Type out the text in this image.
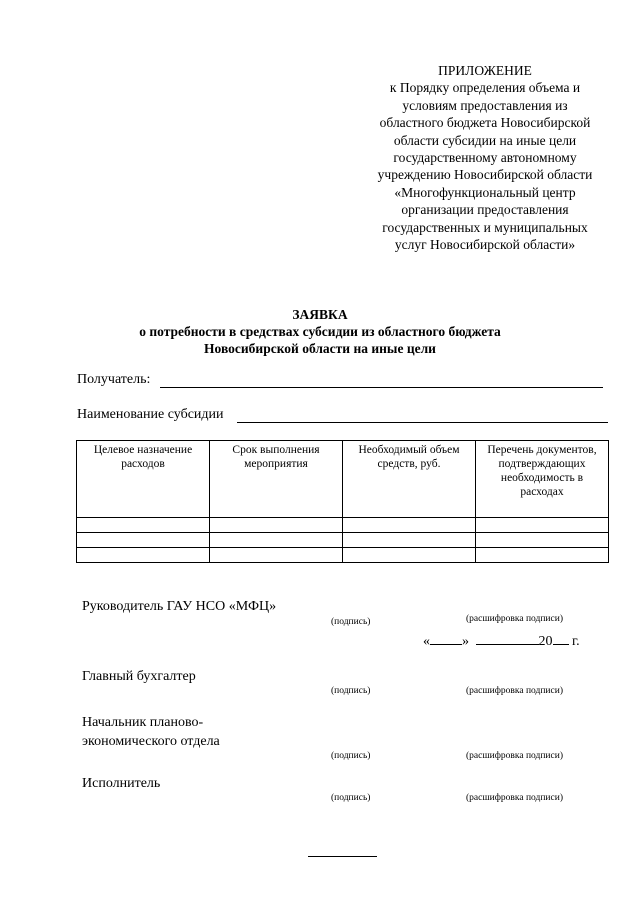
ПРИЛОЖЕНИЕ
к Порядку определения объема и
условиям предоставления из
областного бюджета Новосибирской
области субсидии на иные цели
государственному автономному
учреждению Новосибирской области
«Многофункциональный центр
организации предоставления
государственных и муниципальных
услуг Новосибирской области»
ЗАЯВКА
о потребности в средствах субсидии из областного бюджета
Новосибирской области на иные цели
Получатель:
Наименование субсидии
Целевое назначение расходов	Срок выполнения мероприятия	Необходимый объем средств, руб.	Перечень документов, подтверждающих необходимость в расходах

Руководитель ГАУ НСО «МФЦ»
(подпись)	(расшифровка подписи)
« »	20 г.
Главный бухгалтер
(подпись)	(расшифровка подписи)
Начальник планово-
экономического отдела
(подпись)	(расшифровка подписи)
Исполнитель
(подпись)	(расшифровка подписи)
